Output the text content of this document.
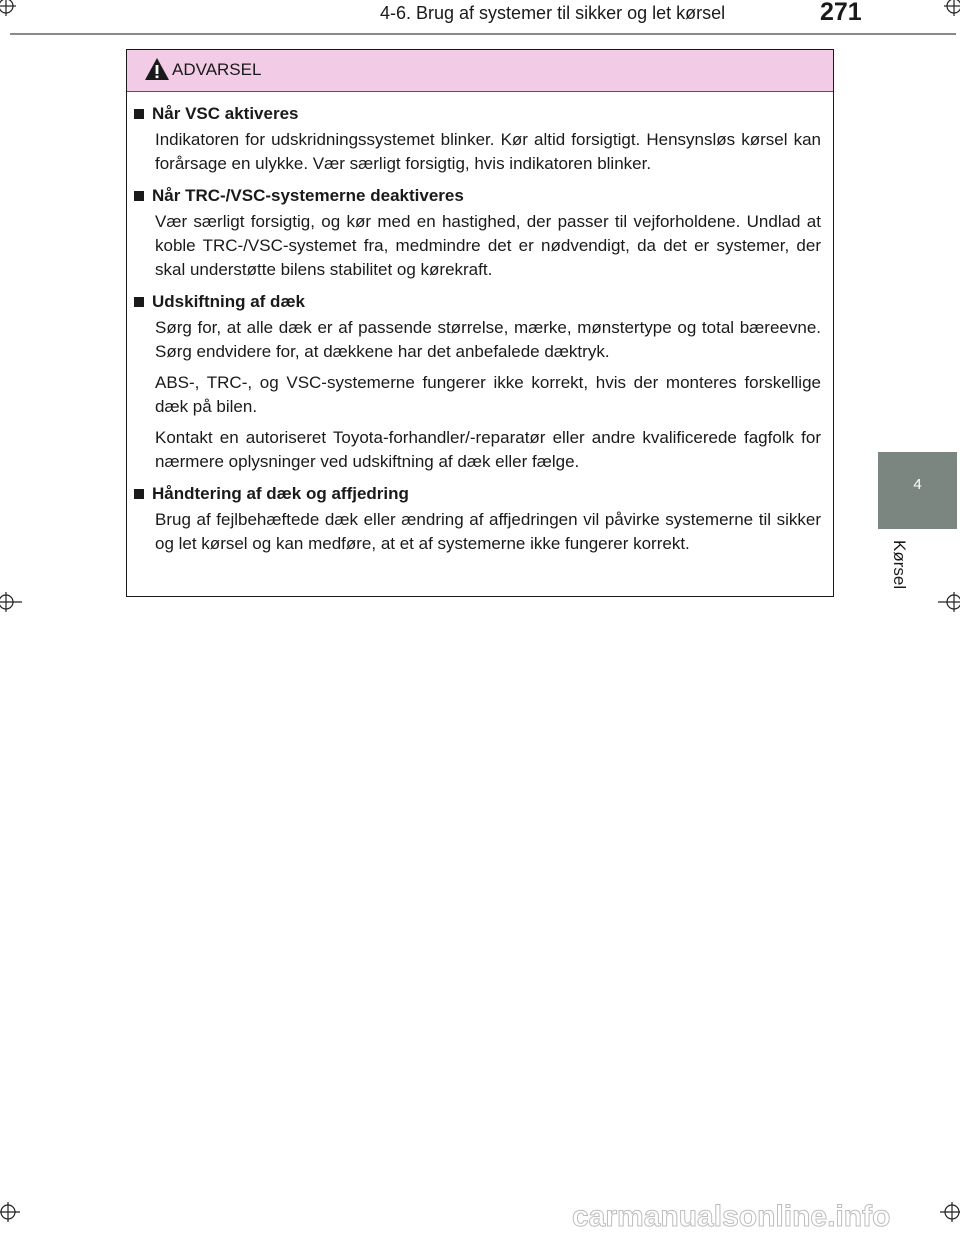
4-6. Brug af systemer til sikker og let kørsel	271
4
Kørsel
ADVARSEL
Når VSC aktiveres

Indikatoren for udskridningssystemet blinker. Kør altid forsigtigt. Hensynsløs kørsel kan forårsage en ulykke. Vær særligt forsigtig, hvis indikatoren blinker.

Når TRC-/VSC-systemerne deaktiveres

Vær særligt forsigtig, og kør med en hastighed, der passer til vejforholdene. Undlad at koble TRC-/VSC-systemet fra, medmindre det er nødvendigt, da det er systemer, der skal understøtte bilens stabilitet og kørekraft.

Udskiftning af dæk

Sørg for, at alle dæk er af passende størrelse, mærke, mønstertype og total bæreevne. Sørg endvidere for, at dækkene har det anbefalede dæktryk.

ABS-, TRC-, og VSC-systemerne fungerer ikke korrekt, hvis der monteres forskellige dæk på bilen.

Kontakt en autoriseret Toyota-forhandler/-reparatør eller andre kvalificerede fagfolk for nærmere oplysninger ved udskiftning af dæk eller fælge.

Håndtering af dæk og affjedring

Brug af fejlbehæftede dæk eller ændring af affjedringen vil påvirke systemerne til sikker og let kørsel og kan medføre, at et af systemerne ikke fungerer korrekt.

carmanualsonline.info
